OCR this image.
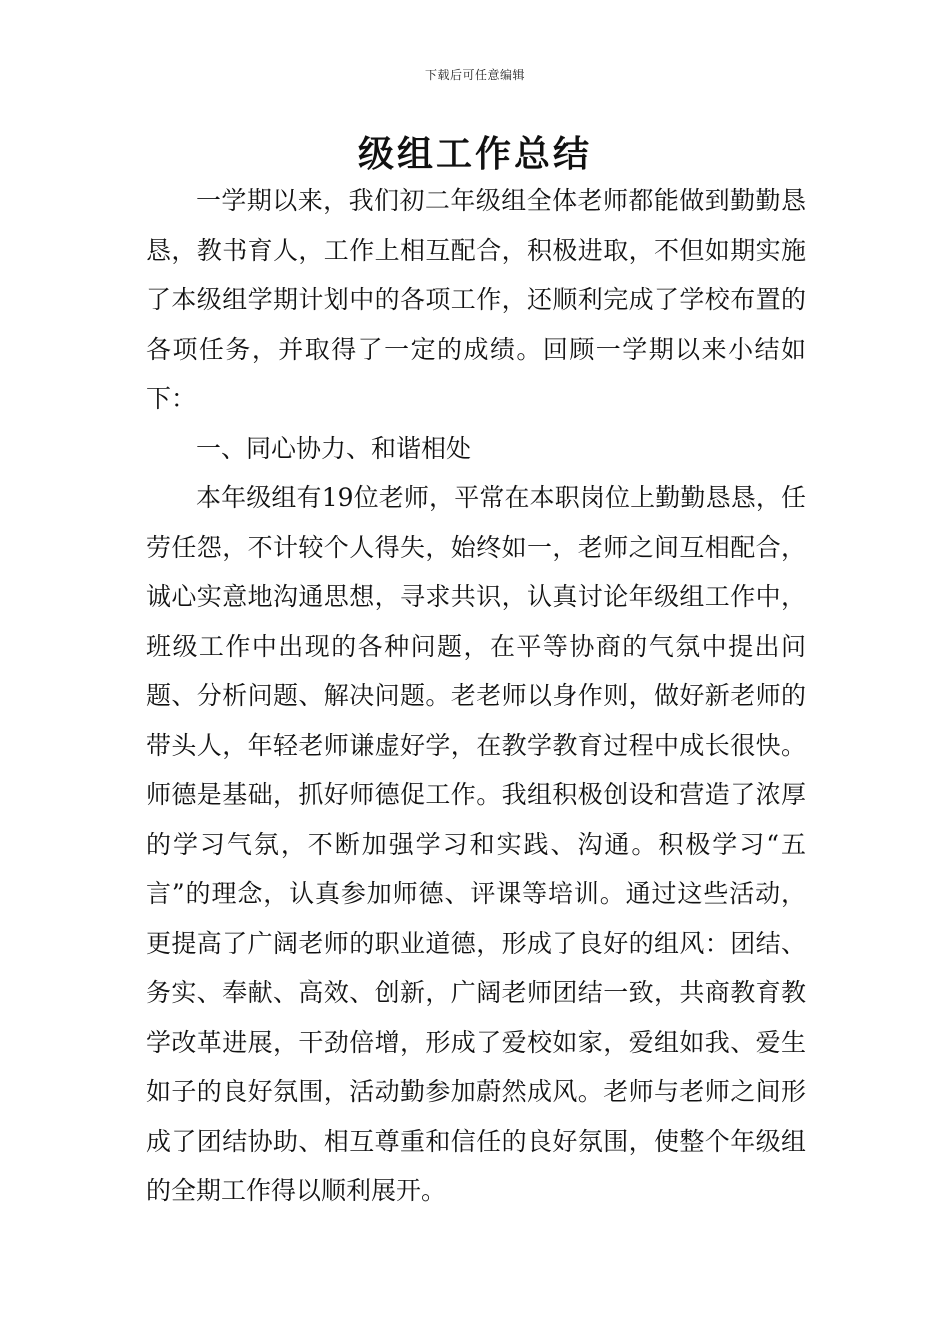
下载后可任意编辑
级组工作总结

一学期以来，我们初二年级组全体老师都能做到勤勤恳恳，教书育人，工作上相互配合，积极进取，不但如期实施了本级组学期计划中的各项工作，还顺利完成了学校布置的各项任务，并取得了一定的成绩。回顾一学期以来小结如下：

一、同心协力、和谐相处

本年级组有19位老师，平常在本职岗位上勤勤恳恳，任劳任怨，不计较个人得失，始终如一，老师之间互相配合，诚心实意地沟通思想，寻求共识，认真讨论年级组工作中，班级工作中出现的各种问题，在平等协商的气氛中提出问题、分析问题、解决问题。老老师以身作则，做好新老师的带头人，年轻老师谦虚好学，在教学教育过程中成长很快。师德是基础，抓好师德促工作。我组积极创设和营造了浓厚的学习气氛，不断加强学习和实践、沟通。积极学习“五言”的理念，认真参加师德、评课等培训。通过这些活动，更提高了广阔老师的职业道德，形成了良好的组风：团结、务实、奉献、高效、创新，广阔老师团结一致，共商教育教学改革进展，干劲倍增，形成了爱校如家，爱组如我、爱生如子的良好氛围，活动勤参加蔚然成风。老师与老师之间形成了团结协助、相互尊重和信任的良好氛围，使整个年级组的全期工作得以顺利展开。
